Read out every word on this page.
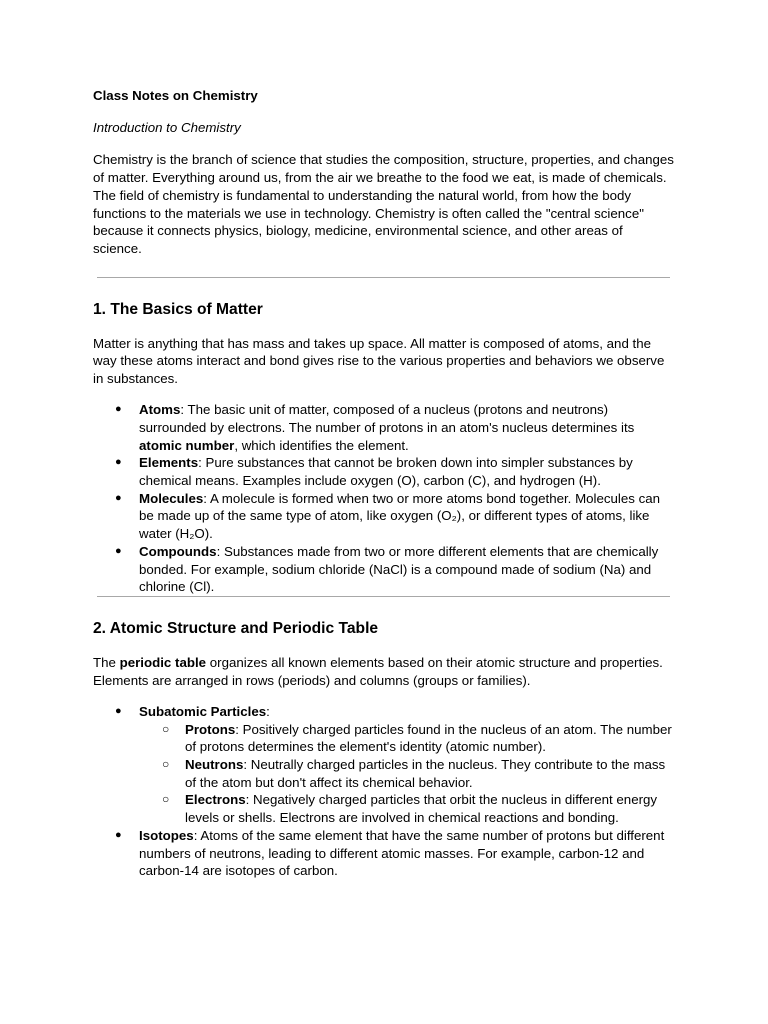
Class Notes on Chemistry
Introduction to Chemistry

Chemistry is the branch of science that studies the composition, structure, properties, and changes of matter. Everything around us, from the air we breathe to the food we eat, is made of chemicals. The field of chemistry is fundamental to understanding the natural world, from how the body functions to the materials we use in technology. Chemistry is often called the "central science" because it connects physics, biology, medicine, environmental science, and other areas of science.

1. The Basics of Matter

Matter is anything that has mass and takes up space. All matter is composed of atoms, and the way these atoms interact and bond gives rise to the various properties and behaviors we observe in substances.

● Atoms: The basic unit of matter, composed of a nucleus (protons and neutrons) surrounded by electrons. The number of protons in an atom's nucleus determines its atomic number, which identifies the element.
● Elements: Pure substances that cannot be broken down into simpler substances by chemical means. Examples include oxygen (O), carbon (C), and hydrogen (H).
● Molecules: A molecule is formed when two or more atoms bond together. Molecules can be made up of the same type of atom, like oxygen (O₂), or different types of atoms, like water (H₂O).
● Compounds: Substances made from two or more different elements that are chemically bonded. For example, sodium chloride (NaCl) is a compound made of sodium (Na) and chlorine (Cl).
2. Atomic Structure and Periodic Table

The periodic table organizes all known elements based on their atomic structure and properties. Elements are arranged in rows (periods) and columns (groups or families).

● Subatomic Particles:
○ Protons: Positively charged particles found in the nucleus of an atom. The number of protons determines the element's identity (atomic number).
○ Neutrons: Neutrally charged particles in the nucleus. They contribute to the mass of the atom but don't affect its chemical behavior.
○ Electrons: Negatively charged particles that orbit the nucleus in different energy levels or shells. Electrons are involved in chemical reactions and bonding.
● Isotopes: Atoms of the same element that have the same number of protons but different numbers of neutrons, leading to different atomic masses. For example, carbon-12 and carbon-14 are isotopes of carbon.
